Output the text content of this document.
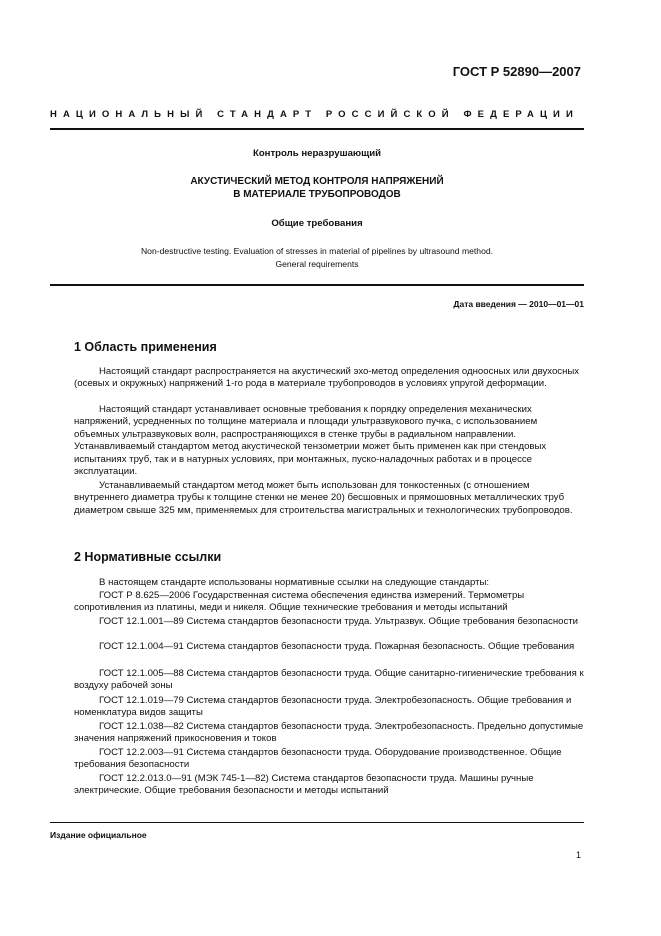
ГОСТ Р 52890—2007
НАЦИОНАЛЬНЫЙ СТАНДАРТ РОССИЙСКОЙ ФЕДЕРАЦИИ
Контроль неразрушающий
АКУСТИЧЕСКИЙ МЕТОД КОНТРОЛЯ НАПРЯЖЕНИЙ
В МАТЕРИАЛЕ ТРУБОПРОВОДОВ
Общие требования
Non-destructive testing. Evaluation of stresses in material of pipelines by ultrasound method.
General requirements
Дата введения — 2010—01—01
1 Область применения

Настоящий стандарт распространяется на акустический эхо-метод определения одноосных или двухосных (осевых и окружных) напряжений 1-го рода в материале трубопроводов в условиях упругой деформации.

Настоящий стандарт устанавливает основные требования к порядку определения механических напряжений, усредненных по толщине материала и площади ультразвукового пучка, с использованием объемных ультразвуковых волн, распространяющихся в стенке трубы в радиальном направлении. Устанавливаемый стандартом метод акустической тензометрии может быть применен как при стендовых испытаниях труб, так и в натурных условиях, при монтажных, пуско-наладочных работах и в процессе эксплуатации.

Устанавливаемый стандартом метод может быть использован для тонкостенных (с отношением внутреннего диаметра трубы к толщине стенки не менее 20) бесшовных и прямошовных металлических труб диаметром свыше 325 мм, применяемых для строительства магистральных и технологических трубопроводов.

2 Нормативные ссылки

В настоящем стандарте использованы нормативные ссылки на следующие стандарты:

ГОСТ Р 8.625—2006 Государственная система обеспечения единства измерений. Термометры сопротивления из платины, меди и никеля. Общие технические требования и методы испытаний

ГОСТ 12.1.001—89 Система стандартов безопасности труда. Ультразвук. Общие требования безопасности

ГОСТ 12.1.004—91 Система стандартов безопасности труда. Пожарная безопасность. Общие требования

ГОСТ 12.1.005—88 Система стандартов безопасности труда. Общие санитарно-гигиенические требования к воздуху рабочей зоны

ГОСТ 12.1.019—79 Система стандартов безопасности труда. Электробезопасность. Общие требования и номенклатура видов защиты

ГОСТ 12.1.038—82 Система стандартов безопасности труда. Электробезопасность. Предельно допустимые значения напряжений прикосновения и токов

ГОСТ 12.2.003—91 Система стандартов безопасности труда. Оборудование производственное. Общие требования безопасности

ГОСТ 12.2.013.0—91 (МЭК 745-1—82) Система стандартов безопасности труда. Машины ручные электрические. Общие требования безопасности и методы испытаний

Издание официальное
1
